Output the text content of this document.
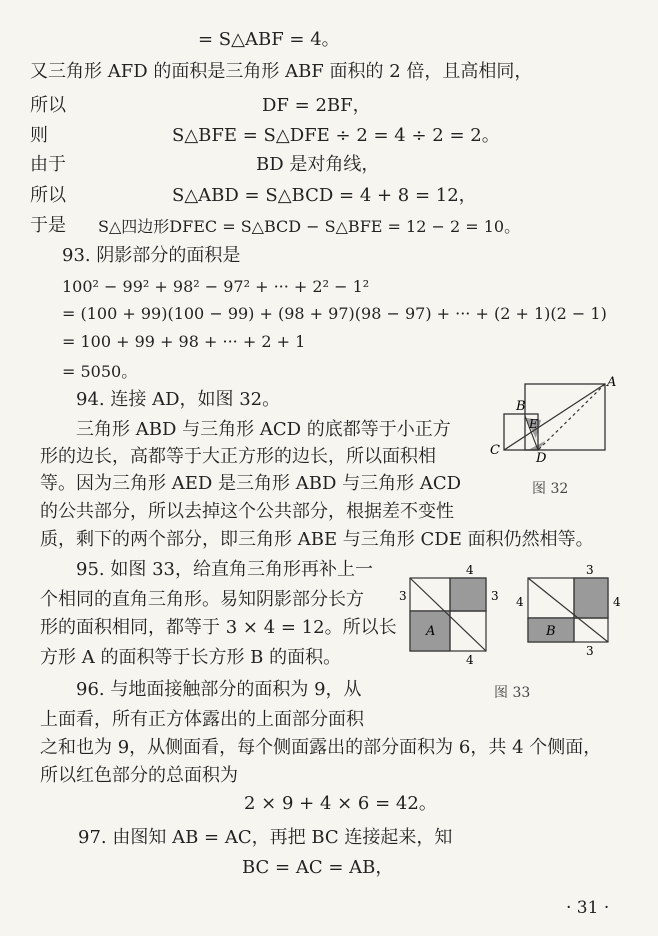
= S△ABF = 4。
又三角形 AFD 的面积是三角形 ABF 面积的 2 倍，且高相同，
所以	DF = 2BF，
则	S△BFE = S△DFE ÷ 2 = 4 ÷ 2 = 2。
由于	BD 是对角线，
所以	S△ABD = S△BCD = 4 + 8 = 12，
于是 S△四边形DFEC = S△BCD − S△BFE = 12 − 2 = 10。
93. 阴影部分的面积是
100² − 99² + 98² − 97² + ··· + 2² − 1²
= (100 + 99)(100 − 99) + (98 + 97)(98 − 97) + ··· + (2 + 1)(2 − 1)
= 100 + 99 + 98 + ··· + 2 + 1
= 5050。
94. 连接 AD，如图 32。
三角形 ABD 与三角形 ACD 的底都等于小正方
形的边长，高都等于大正方形的边长，所以面积相
等。因为三角形 AED 是三角形 ABD 与三角形 ACD
的公共部分，所以去掉这个公共部分，根据差不变性
质，剩下的两个部分，即三角形 ABE 与三角形 CDE 面积仍然相等。
95. 如图 33，给直角三角形再补上一
个相同的直角三角形。易知阴影部分长方
形的面积相同，都等于 3 × 4 = 12。所以长
方形 A 的面积等于长方形 B 的面积。
96. 与地面接触部分的面积为 9，从
上面看，所有正方体露出的上面部分面积
之和也为 9，从侧面看，每个侧面露出的部分面积为 6，共 4 个侧面，
所以红色部分的总面积为
2 × 9 + 4 × 6 = 42。
97. 由图知 AB = AC，再把 BC 连接起来，知
BC = AC = AB，
A
B
E
C
D
图 32
4
3	3
4
A
3
4	4
3
B
图 33
· 31 ·
